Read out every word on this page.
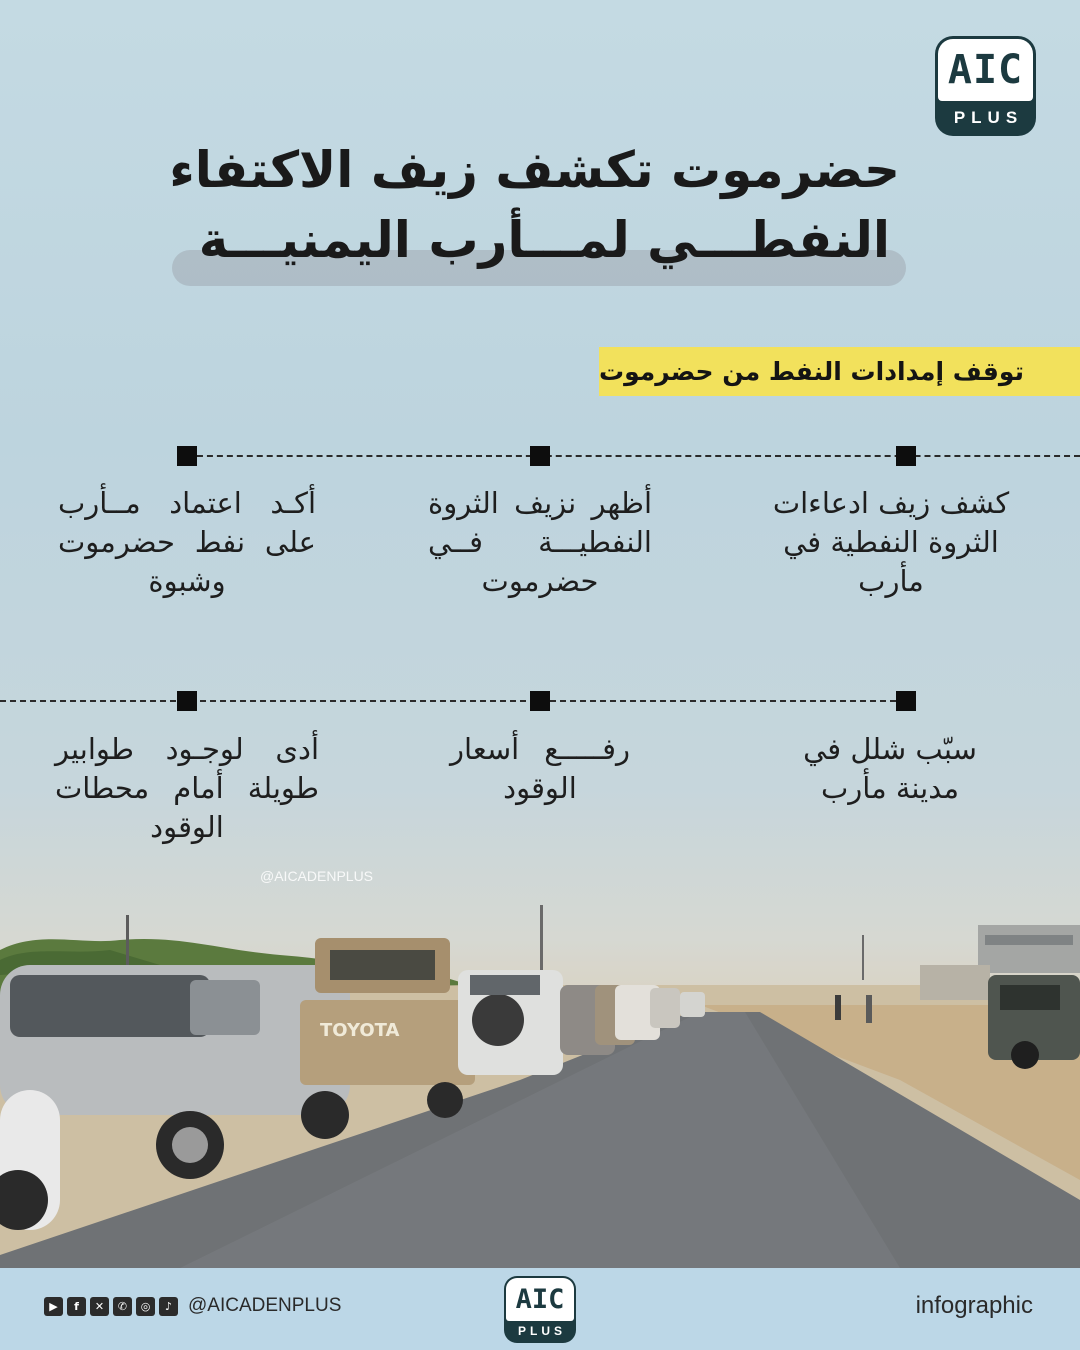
TOYOTA
AIC
PLUS
حضرموت تكشف زيف الاكتفاء
النفطـــي لمـــأرب اليمنيـــة
توقف إمدادات النفط من حضرموت
كشف زيف ادعاءات الثروة النفطية في مأرب
أظهر نزيف الثروة النفطيـــة فــي حضرموت
أكـد اعتماد مــأرب على نفط حضرموت وشبوة
سبّب شلل في مدينة مأرب
رفـــــع أسعار الوقود
أدى لوجـود طوابير طويلة أمام محطات الوقود
@AICADENPLUS
▶	f	✕	✆	◎	♪ @AICADENPLUS	AIC
PLUS
infographic
